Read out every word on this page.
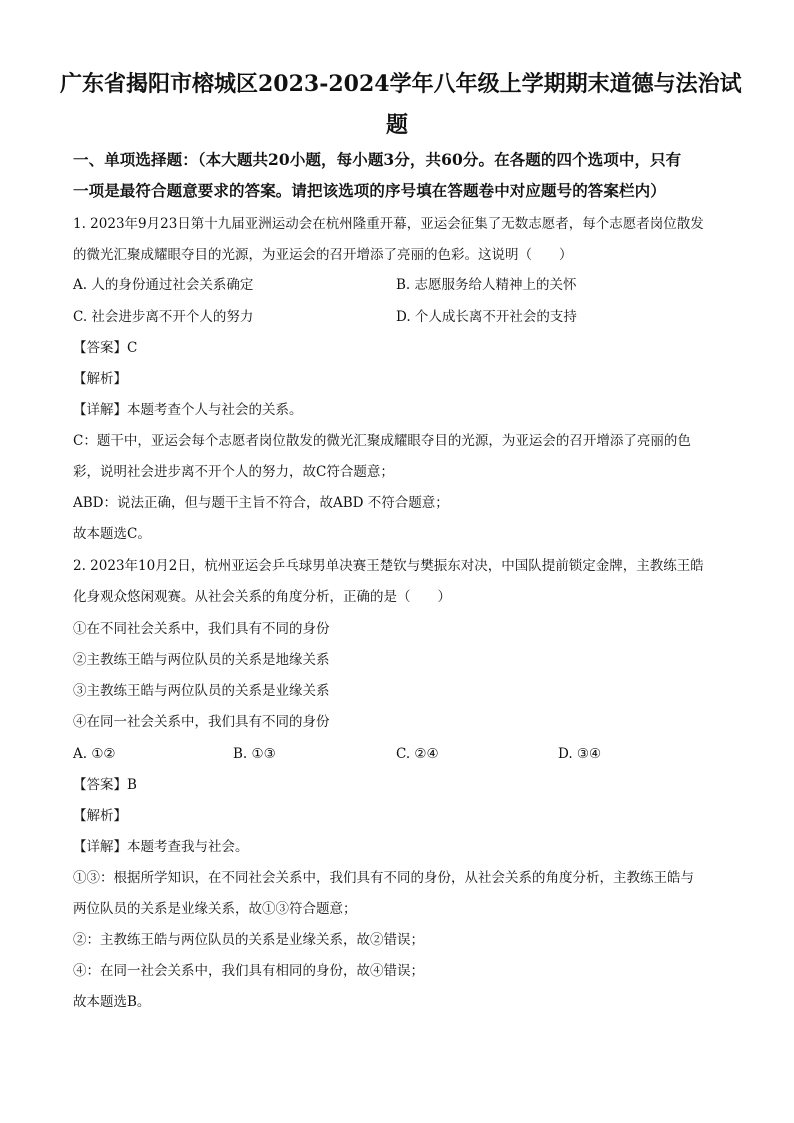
广东省揭阳市榕城区2023-2024学年八年级上学期期末道德与法治试
题
一、单项选择题：（本大题共20小题，每小题3分，共60分。在各题的四个选项中，只有
一项是最符合题意要求的答案。请把该选项的序号填在答题卷中对应题号的答案栏内）
1. 2023年9月23日第十九届亚洲运动会在杭州隆重开幕，亚运会征集了无数志愿者，每个志愿者岗位散发
的微光汇聚成耀眼夺目的光源，为亚运会的召开增添了亮丽的色彩。这说明（　　）
A. 人的身份通过社会关系确定	B. 志愿服务给人精神上的关怀
C. 社会进步离不开个人的努力	D. 个人成长离不开社会的支持
【答案】C
【解析】
【详解】本题考查个人与社会的关系。
C：题干中，亚运会每个志愿者岗位散发的微光汇聚成耀眼夺目的光源，为亚运会的召开增添了亮丽的色
彩，说明社会进步离不开个人的努力，故C符合题意；
ABD：说法正确，但与题干主旨不符合，故ABD 不符合题意；
故本题选C。
2. 2023年10月2日，杭州亚运会乒乓球男单决赛王楚钦与樊振东对决，中国队提前锁定金牌，主教练王皓
化身观众悠闲观赛。从社会关系的角度分析，正确的是（　　）
①在不同社会关系中，我们具有不同的身份
②主教练王皓与两位队员的关系是地缘关系
③主教练王皓与两位队员的关系是业缘关系
④在同一社会关系中，我们具有不同的身份
A. ①②	B. ①③	C. ②④	D. ③④
【答案】B
【解析】
【详解】本题考查我与社会。
①③：根据所学知识，在不同社会关系中，我们具有不同的身份，从社会关系的角度分析，主教练王皓与
两位队员的关系是业缘关系，故①③符合题意；
②：主教练王皓与两位队员的关系是业缘关系，故②错误；
④：在同一社会关系中，我们具有相同的身份，故④错误；
故本题选B。
